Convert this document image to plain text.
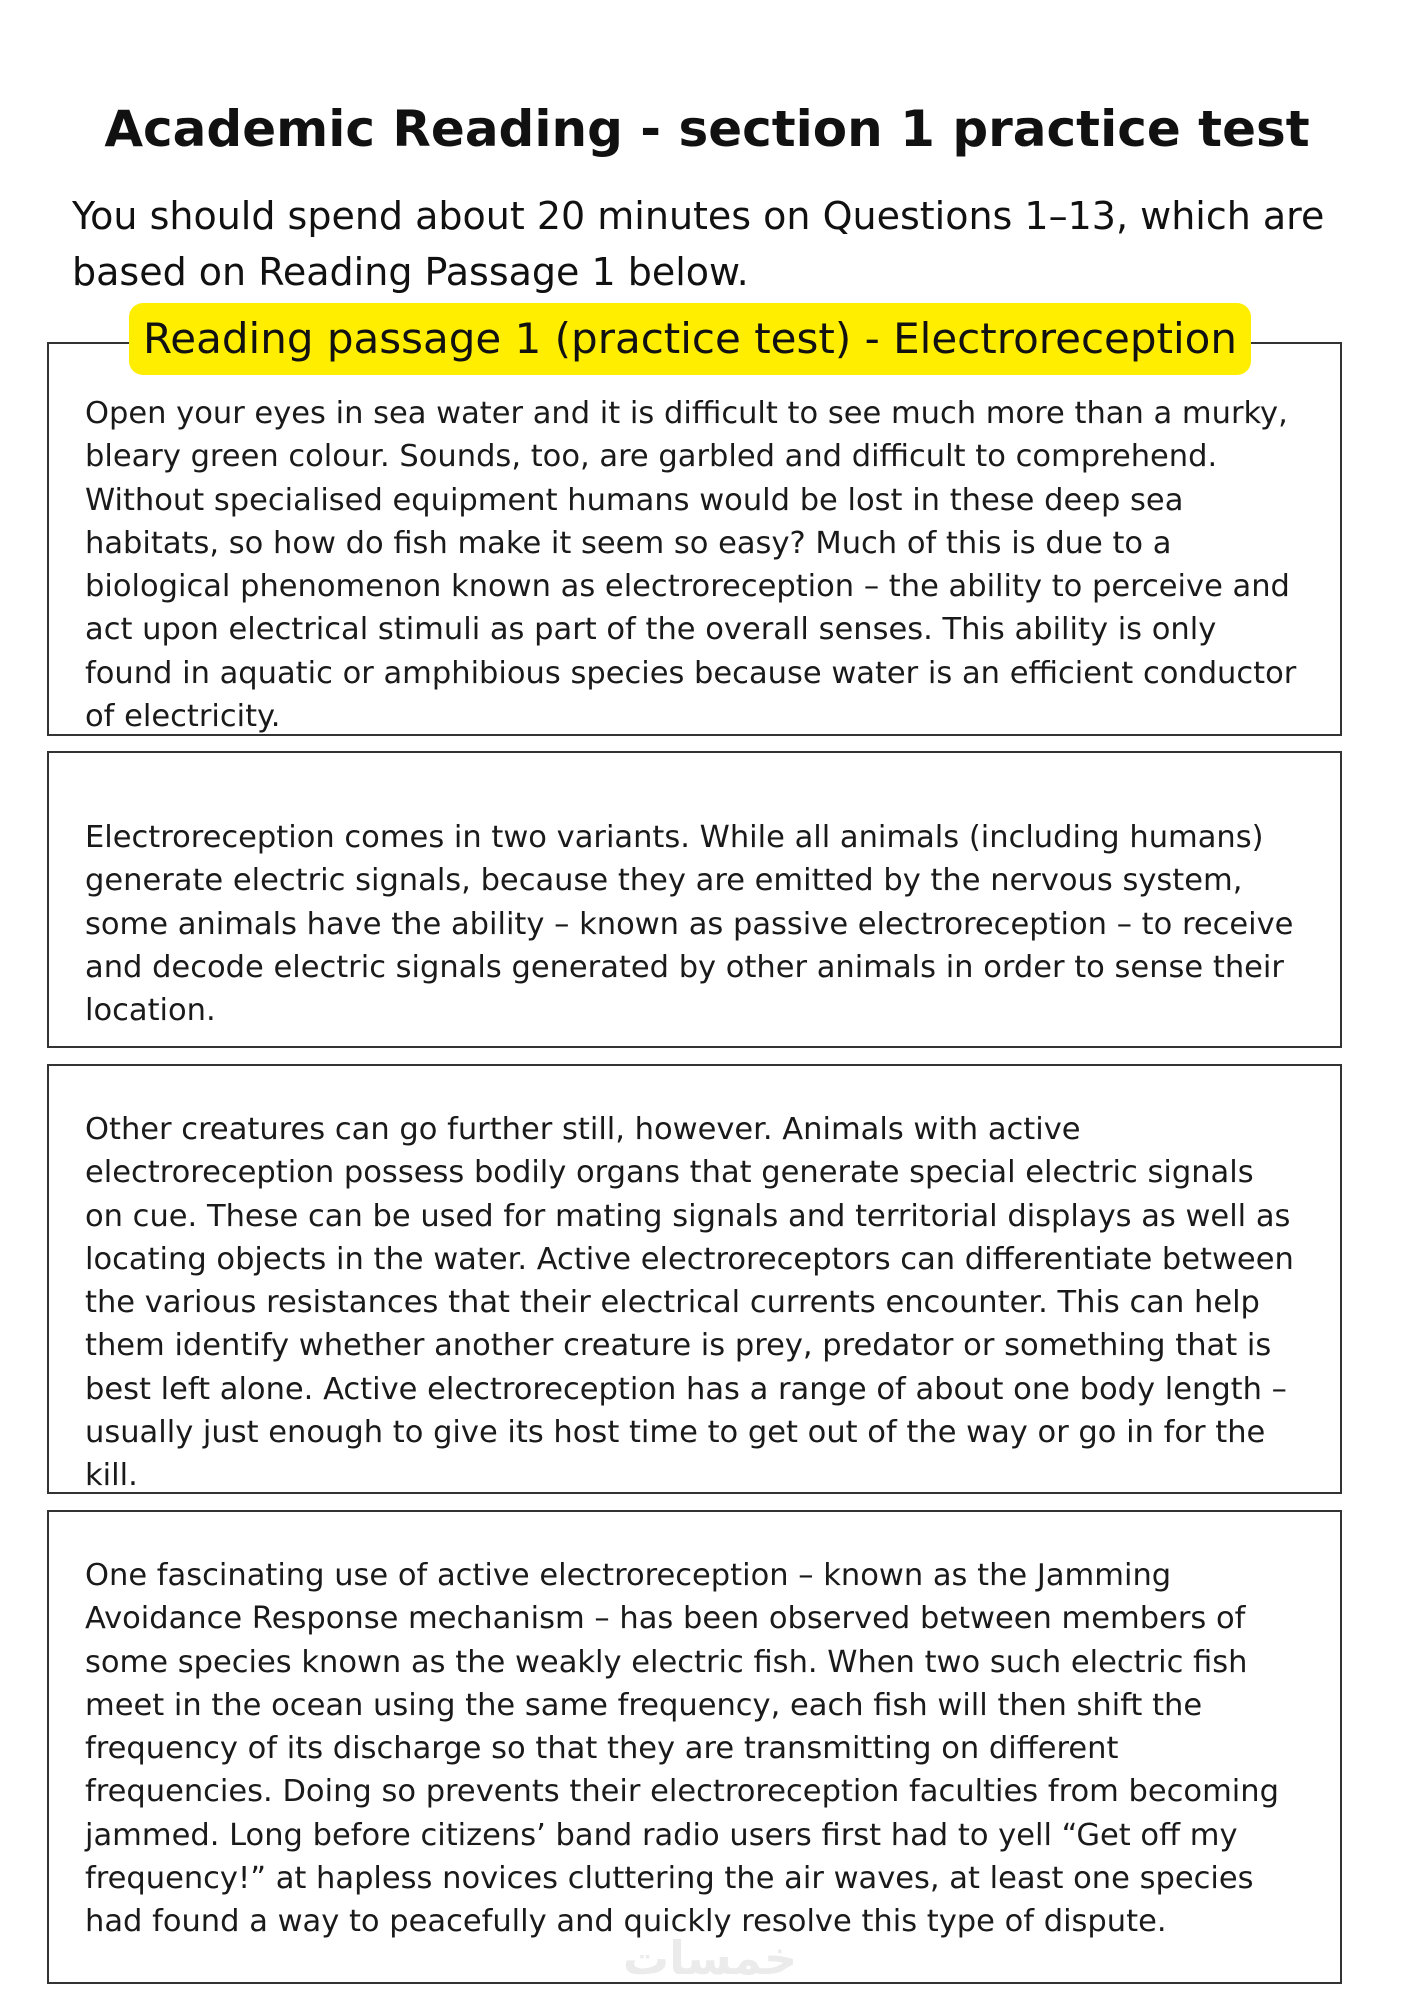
Academic Reading - section 1 practice test

You should spend about 20 minutes on Questions 1–13, which are based on Reading Passage 1 below.

Open your eyes in sea water and it is difficult to see much more than a murky, bleary green colour. Sounds, too, are garbled and difficult to comprehend. Without specialised equipment humans would be lost in these deep sea habitats, so how do fish make it seem so easy? Much of this is due to a biological phenomenon known as electroreception – the ability to perceive and act upon electrical stimuli as part of the overall senses. This ability is only found in aquatic or amphibious species because water is an efficient conductor of electricity.

Reading passage 1 (practice test) - Electroreception

Electroreception comes in two variants. While all animals (including humans) generate electric signals, because they are emitted by the nervous system, some animals have the ability – known as passive electroreception – to receive and decode electric signals generated by other animals in order to sense their location.

Other creatures can go further still, however. Animals with active electroreception possess bodily organs that generate special electric signals on cue. These can be used for mating signals and territorial displays as well as locating objects in the water. Active electroreceptors can differentiate between the various resistances that their electrical currents encounter. This can help them identify whether another creature is prey, predator or something that is best left alone. Active electroreception has a range of about one body length – usually just enough to give its host time to get out of the way or go in for the kill.

One fascinating use of active electroreception – known as the Jamming Avoidance Response mechanism – has been observed between members of some species known as the weakly electric fish. When two such electric fish meet in the ocean using the same frequency, each fish will then shift the frequency of its discharge so that they are transmitting on different frequencies. Doing so prevents their electroreception faculties from becoming jammed. Long before citizens’ band radio users first had to yell “Get off my frequency!” at hapless novices cluttering the air waves, at least one species had found a way to peacefully and quickly resolve this type of dispute.

خمسات
